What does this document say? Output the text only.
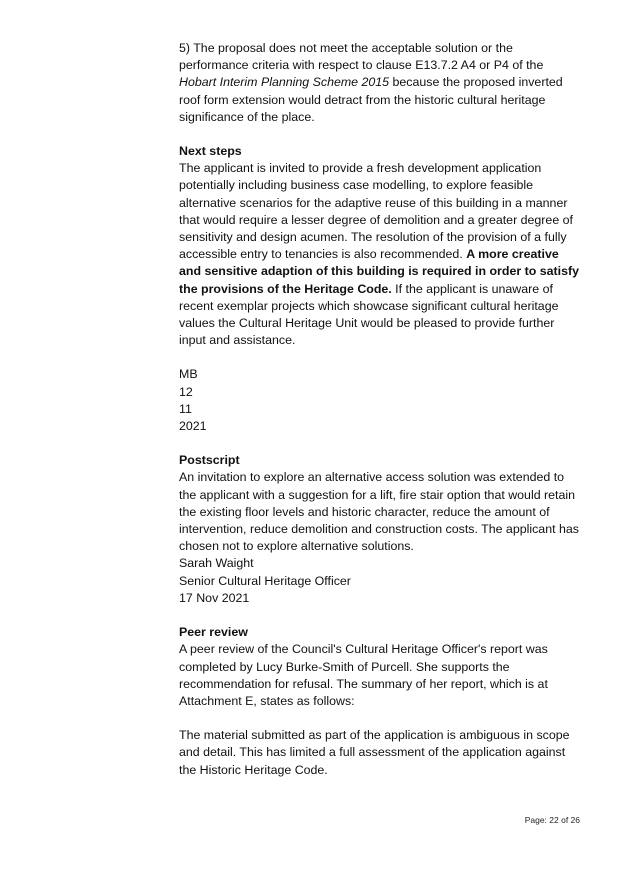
5) The proposal does not meet the acceptable solution or the performance criteria with respect to clause E13.7.2 A4 or P4 of the Hobart Interim Planning Scheme 2015 because the proposed inverted roof form extension would detract from the historic cultural heritage significance of the place.

Next steps

The applicant is invited to provide a fresh development application potentially including business case modelling, to explore feasible alternative scenarios for the adaptive reuse of this building in a manner that would require a lesser degree of demolition and a greater degree of sensitivity and design acumen. The resolution of the provision of a fully accessible entry to tenancies is also recommended. A more creative and sensitive adaption of this building is required in order to satisfy the provisions of the Heritage Code. If the applicant is unaware of recent exemplar projects which showcase significant cultural heritage values the Cultural Heritage Unit would be pleased to provide further input and assistance.

MB

12

11

2021

Postscript

An invitation to explore an alternative access solution was extended to the applicant with a suggestion for a lift, fire stair option that would retain the existing floor levels and historic character, reduce the amount of intervention, reduce demolition and construction costs. The applicant has chosen not to explore alternative solutions.

Sarah Waight

Senior Cultural Heritage Officer

17 Nov 2021

Peer review

A peer review of the Council's Cultural Heritage Officer's report was completed by Lucy Burke-Smith of Purcell. She supports the recommendation for refusal. The summary of her report, which is at Attachment E, states as follows:

The material submitted as part of the application is ambiguous in scope and detail. This has limited a full assessment of the application against the Historic Heritage Code.

Page: 22 of 26
